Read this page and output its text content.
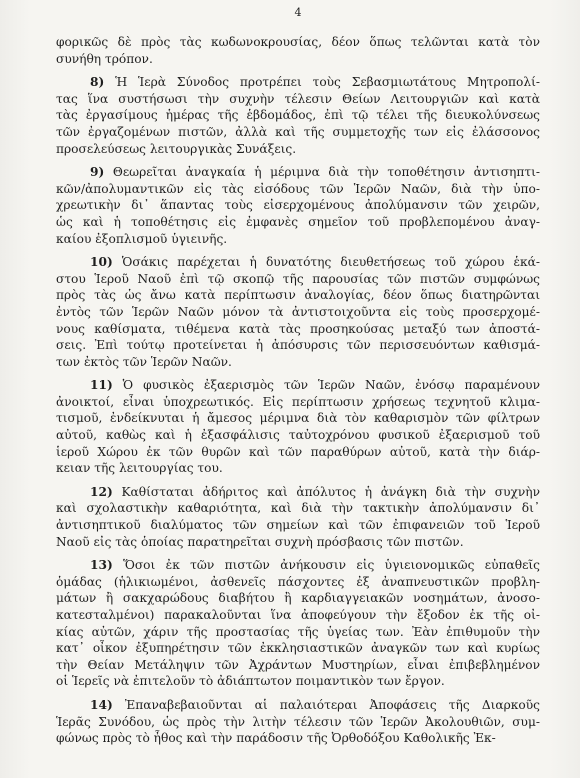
4

φορικῶς δὲ πρὸς τὰς κωδωνοκρουσίας, δέον ὅπως τελῶνται κατὰ τὸν
συνήθη τρόπον.

8) Ἡ Ἱερὰ Σύνοδος προτρέπει τοὺς Σεβασμιωτάτους Μητροπολί-
τας ἵνα συστήσωσι τὴν συχνὴν τέλεσιν Θείων Λειτουργιῶν καὶ κατὰ
τὰς ἐργασίμους ἡμέρας τῆς ἑβδομάδος, ἐπὶ τῷ τέλει τῆς διευκολύνσεως
τῶν ἐργαζομένων πιστῶν, ἀλλὰ καὶ τῆς συμμετοχῆς των εἰς ἐλάσσονος
προσελεύσεως λειτουργικὰς Συνάξεις.

9) Θεωρεῖται ἀναγκαία ἡ μέριμνα διὰ τὴν τοποθέτησιν ἀντισηπτι-
κῶν/ἀπολυμαντικῶν εἰς τὰς εἰσόδους τῶν Ἱερῶν Ναῶν, διὰ τὴν ὑπο-
χρεωτικὴν δι᾽ ἅπαντας τοὺς εἰσερχομένους ἀπολύμανσιν τῶν χειρῶν,
ὡς καὶ ἡ τοποθέτησις εἰς ἐμφανὲς σημεῖον τοῦ προβλεπομένου ἀναγ-
καίου ἐξοπλισμοῦ ὑγιεινῆς.

10) Ὁσάκις παρέχεται ἡ δυνατότης διευθετήσεως τοῦ χώρου ἑκά-
στου Ἱεροῦ Ναοῦ ἐπὶ τῷ σκοπῷ τῆς παρουσίας τῶν πιστῶν συμφώνως
πρὸς τὰς ὡς ἄνω κατὰ περίπτωσιν ἀναλογίας, δέον ὅπως διατηρῶνται
ἐντὸς τῶν Ἱερῶν Ναῶν μόνον τὰ ἀντιστοιχοῦντα εἰς τοὺς προσερχομέ-
νους καθίσματα, τιθέμενα κατὰ τὰς προσηκούσας μεταξύ των ἀποστά-
σεις. Ἐπὶ τούτῳ προτείνεται ἡ ἀπόσυρσις τῶν περισσευόντων καθισμά-
των ἐκτὸς τῶν Ἱερῶν Ναῶν.

11) Ὁ φυσικὸς ἐξαερισμὸς τῶν Ἱερῶν Ναῶν, ἐνόσῳ παραμένουν
ἀνοικτοί, εἶναι ὑποχρεωτικός. Εἰς περίπτωσιν χρήσεως τεχνητοῦ κλιμα-
τισμοῦ, ἐνδείκνυται ἡ ἄμεσος μέριμνα διὰ τὸν καθαρισμὸν τῶν φίλτρων
αὐτοῦ, καθὼς καὶ ἡ ἐξασφάλισις ταὐτοχρόνου φυσικοῦ ἐξαερισμοῦ τοῦ
ἱεροῦ Χώρου ἐκ τῶν θυρῶν καὶ τῶν παραθύρων αὐτοῦ, κατὰ τὴν διάρ-
κειαν τῆς λειτουργίας του.

12) Καθίσταται ἀδήριτος καὶ ἀπόλυτος ἡ ἀνάγκη διὰ τὴν συχνὴν
καὶ σχολαστικὴν καθαριότητα, καὶ διὰ τὴν τακτικὴν ἀπολύμανσιν δι᾽
ἀντισηπτικοῦ διαλύματος τῶν σημείων καὶ τῶν ἐπιφανειῶν τοῦ Ἱεροῦ
Ναοῦ εἰς τὰς ὁποίας παρατηρεῖται συχνὴ πρόσβασις τῶν πιστῶν.

13) Ὅσοι ἐκ τῶν πιστῶν ἀνήκουσιν εἰς ὑγιειονομικῶς εὐπαθεῖς
ὁμάδας (ἡλικιωμένοι, ἀσθενεῖς πάσχοντες ἐξ ἀναπνευστικῶν προβλη-
μάτων ἢ σακχαρώδους διαβήτου ἢ καρδιαγγειακῶν νοσημάτων, ἀνοσο-
κατεσταλμένοι) παρακαλοῦνται ἵνα ἀποφεύγουν τὴν ἔξοδον ἐκ τῆς οἰ-
κίας αὐτῶν, χάριν τῆς προστασίας τῆς ὑγείας των. Ἐὰν ἐπιθυμοῦν τὴν
κατ᾽ οἶκον ἐξυπηρέτησιν τῶν ἐκκλησιαστικῶν ἀναγκῶν των καὶ κυρίως
τὴν Θείαν Μετάληψιν τῶν Ἀχράντων Μυστηρίων, εἶναι ἐπιβεβλημένον
οἱ Ἱερεῖς νὰ ἐπιτελοῦν τὸ ἀδιάπτωτον ποιμαντικὸν των ἔργον.

14) Ἐπαναβεβαιοῦνται αἱ παλαιότεραι Ἀποφάσεις τῆς Διαρκοῦς
Ἱερᾶς Συνόδου, ὡς πρὸς τὴν λιτὴν τέλεσιν τῶν Ἱερῶν Ἀκολουθιῶν, συμ-
φώνως πρὸς τὸ ἦθος καὶ τὴν παράδοσιν τῆς Ὀρθοδόξου Καθολικῆς Ἐκ-
